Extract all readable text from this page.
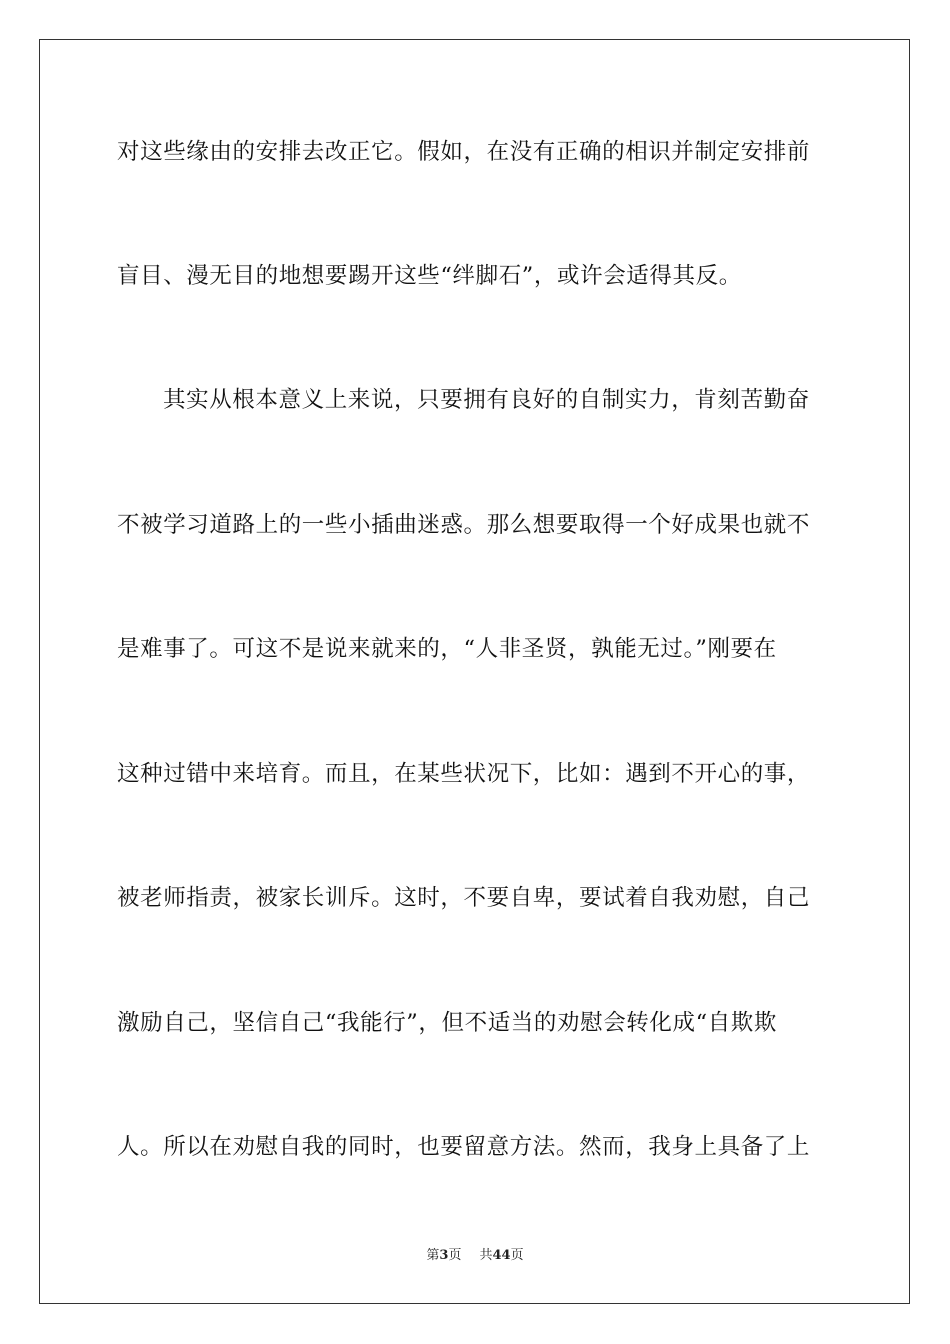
对这些缘由的安排去改正它。假如，在没有正确的相识并制定安排前
盲目、漫无目的地想要踢开这些“绊脚石”，或许会适得其反。
其实从根本意义上来说，只要拥有良好的自制实力，肯刻苦勤奋
不被学习道路上的一些小插曲迷惑。那么想要取得一个好成果也就不
是难事了。可这不是说来就来的，“人非圣贤，孰能无过。”刚要在
这种过错中来培育。而且，在某些状况下，比如：遇到不开心的事，
被老师指责，被家长训斥。这时，不要自卑，要试着自我劝慰，自己
激励自己，坚信自己“我能行”，但不适当的劝慰会转化成“自欺欺
人。所以在劝慰自我的同时，也要留意方法。然而，我身上具备了上
第3页 共44页
